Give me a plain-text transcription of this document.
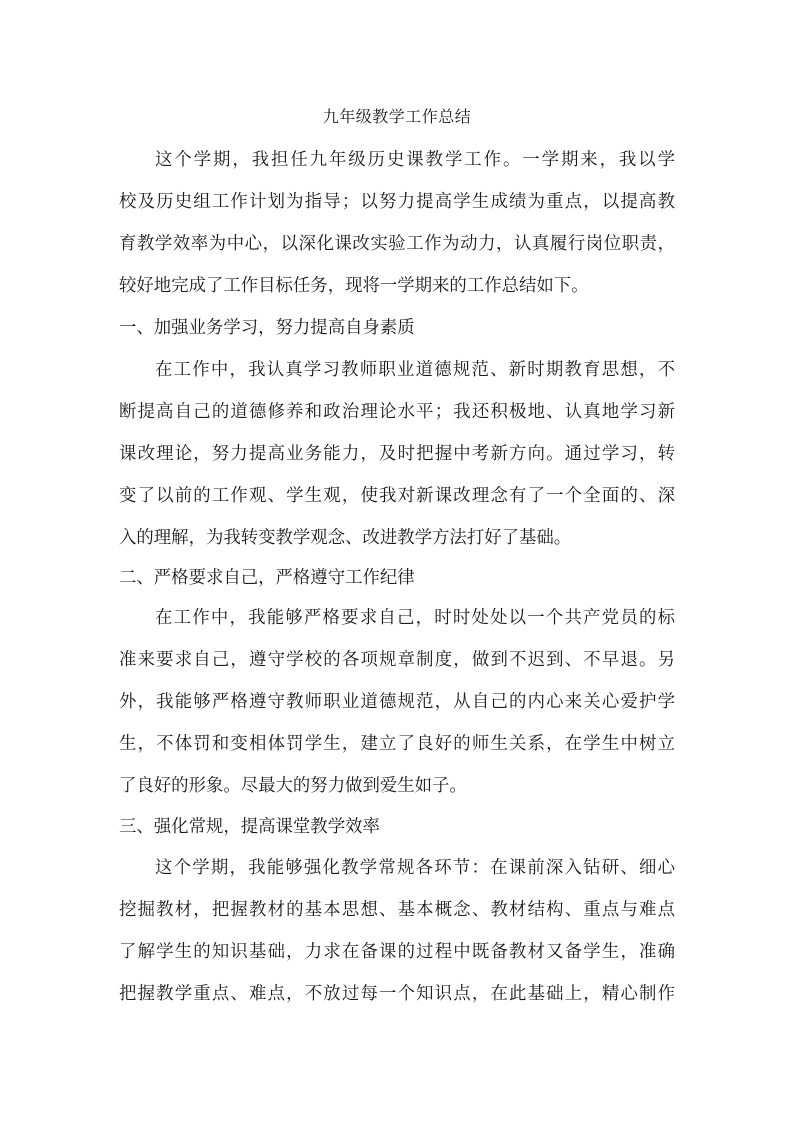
九年级教学工作总结
这个学期，我担任九年级历史课教学工作。一学期来，我以学
校及历史组工作计划为指导；以努力提高学生成绩为重点，以提高教
育教学效率为中心，以深化课改实验工作为动力，认真履行岗位职责，
较好地完成了工作目标任务，现将一学期来的工作总结如下。
一、加强业务学习，努力提高自身素质
在工作中，我认真学习教师职业道德规范、新时期教育思想，不
断提高自己的道德修养和政治理论水平；我还积极地、认真地学习新
课改理论，努力提高业务能力，及时把握中考新方向。通过学习，转
变了以前的工作观、学生观，使我对新课改理念有了一个全面的、深
入的理解，为我转变教学观念、改进教学方法打好了基础。
二、严格要求自己，严格遵守工作纪律
在工作中，我能够严格要求自己，时时处处以一个共产党员的标
准来要求自己，遵守学校的各项规章制度，做到不迟到、不早退。另
外，我能够严格遵守教师职业道德规范，从自己的内心来关心爱护学
生，不体罚和变相体罚学生，建立了良好的师生关系，在学生中树立
了良好的形象。尽最大的努力做到爱生如子。
三、强化常规，提高课堂教学效率
这个学期，我能够强化教学常规各环节：在课前深入钻研、细心
挖掘教材，把握教材的基本思想、基本概念、教材结构、重点与难点
了解学生的知识基础，力求在备课的过程中既备教材又备学生，准确
把握教学重点、难点，不放过每一个知识点，在此基础上，精心制作
